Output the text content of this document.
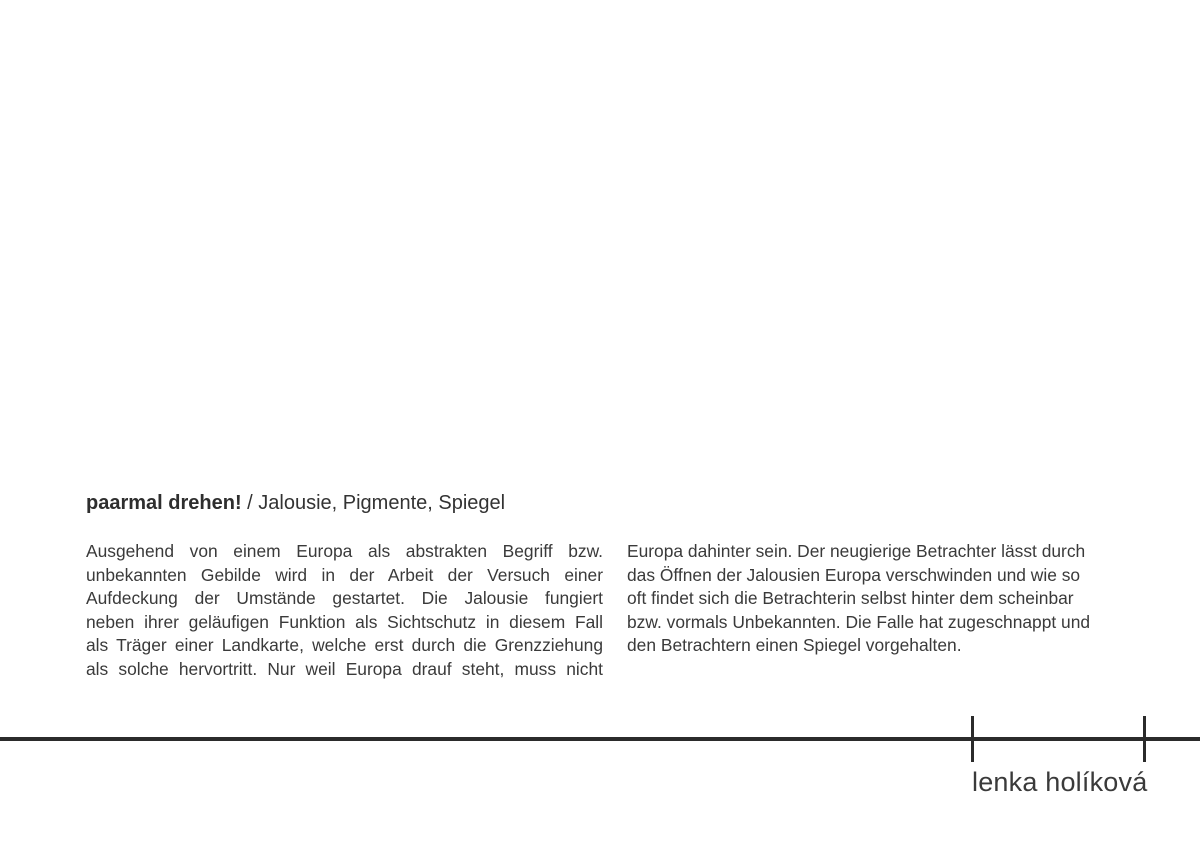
paarmal drehen! / Jalousie, Pigmente, Spiegel
Ausgehend von einem Europa als abstrakten Begriff bzw.
unbekannten Gebilde wird in der Arbeit der Versuch einer
Aufdeckung der Umstände gestartet. Die Jalousie fungiert
neben ihrer geläufigen Funktion als Sichtschutz in diesem Fall
als Träger einer Landkarte, welche erst durch die Grenzziehung
als solche hervortritt. Nur weil Europa drauf steht, muss nicht
Europa dahinter sein. Der neugierige Betrachter lässt durch
das Öffnen der Jalousien Europa verschwinden und wie so
oft findet sich die Betrachterin selbst hinter dem scheinbar
bzw. vormals Unbekannten. Die Falle hat zugeschnappt und
den Betrachtern einen Spiegel vorgehalten.
lenka holíková
